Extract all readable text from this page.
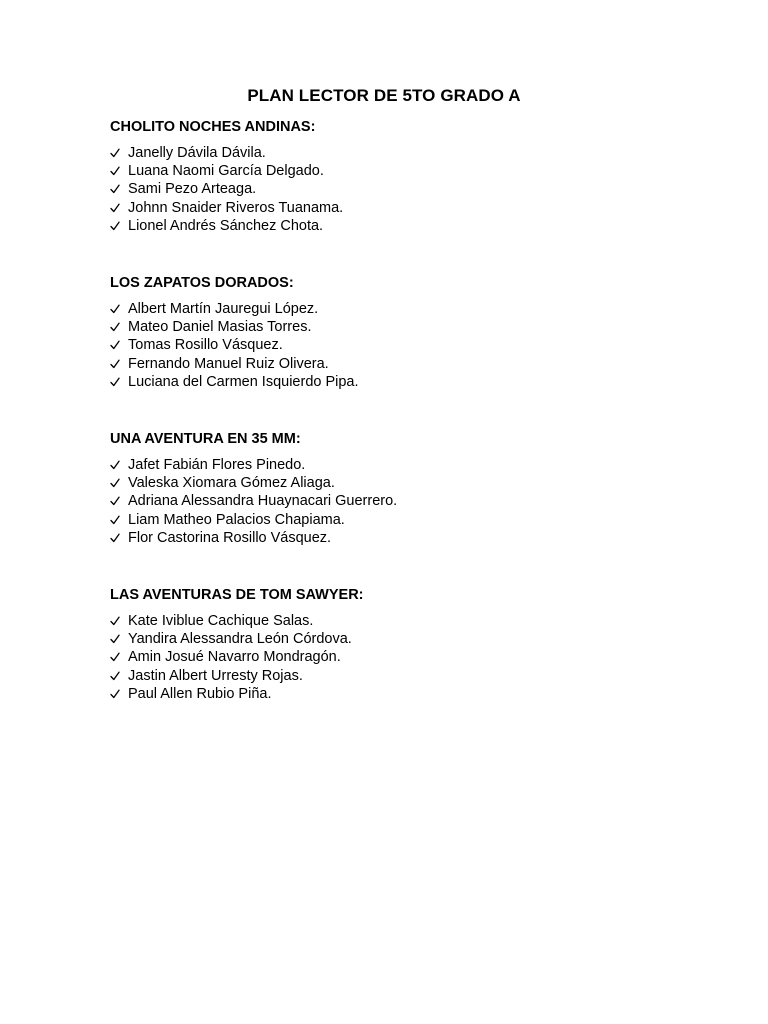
PLAN LECTOR DE 5TO GRADO A
CHOLITO NOCHES ANDINAS:
Janelly Dávila Dávila.
Luana Naomi García Delgado.
Sami Pezo Arteaga.
Johnn Snaider Riveros Tuanama.
Lionel Andrés Sánchez Chota.
LOS ZAPATOS DORADOS:
Albert Martín Jauregui López.
Mateo Daniel Masias Torres.
Tomas Rosillo Vásquez.
Fernando Manuel Ruiz Olivera.
Luciana del Carmen Isquierdo Pipa.
UNA AVENTURA EN 35 MM:
Jafet Fabián Flores Pinedo.
Valeska Xiomara Gómez Aliaga.
Adriana Alessandra Huaynacari Guerrero.
Liam Matheo Palacios Chapiama.
Flor Castorina Rosillo Vásquez.
LAS AVENTURAS DE TOM SAWYER:
Kate Iviblue Cachique Salas.
Yandira Alessandra León Córdova.
Amin Josué Navarro Mondragón.
Jastin Albert Urresty Rojas.
Paul Allen Rubio Piña.
